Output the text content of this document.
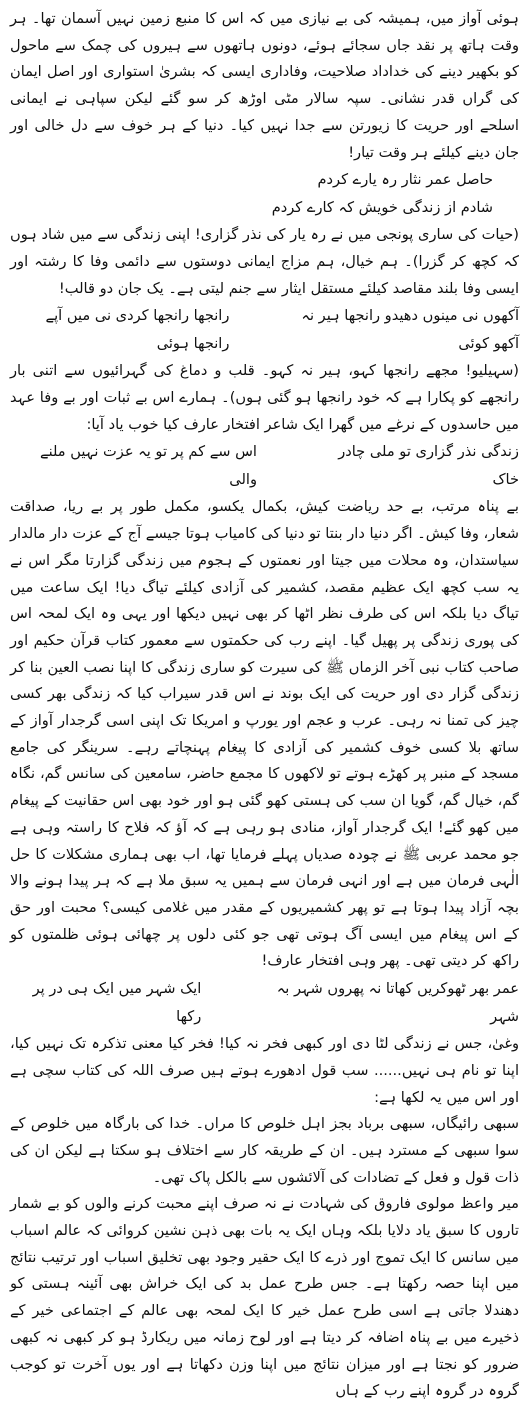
ہوئی آواز میں، ہمیشہ کی بے نیازی میں کہ اس کا منبع زمین نہیں آسمان تھا۔ ہر وقت ہاتھ پر نقد جاں سجائے ہوئے، دونوں ہاتھوں سے ہیروں کی چمک سے ماحول کو بکھیر دینے کی خداداد صلاحیت، وفاداری ایسی کہ بشریٰ استواری اور اصل ایمان کی گراں قدر نشانی۔ سپہ سالار مٹی اوڑھ کر سو گئے لیکن سپاہی نے ایمانی اسلحے اور حریت کا زیورتن سے جدا نہیں کیا۔ دنیا کے ہر خوف سے دل خالی اور جان دینے کیلئے ہر وقت تیار!

حاصل عمر نثار رہ یارے کردم

شادم از زندگی خویش کہ کارے کردم

(حیات کی ساری پونجی میں نے رہ یار کی نذر گزاری! اپنی زندگی سے میں شاد ہوں کہ کچھ کر گزرا)۔ ہم خیال، ہم مزاج ایمانی دوستوں سے دائمی وفا کا رشتہ اور ایسی وفا بلند مقاصد کیلئے مستقل ایثار سے جنم لیتی ہے۔ یک جان دو قالب!

آکھوں نی مینوں دھیدو رانجھا ہیر نہ آکھو کوئی
رانجھا رانجھا کردی نی میں آپے رانجھا ہوئی

(سہیلیو! مجھے رانجھا کہو، ہیر نہ کہو۔ قلب و دماغ کی گہرائیوں سے اتنی بار رانجھے کو پکارا ہے کہ خود رانجھا ہو گئی ہوں)۔ ہمارے اس بے ثبات اور بے وفا عہد میں حاسدوں کے نرغے میں گھرا ایک شاعر افتخار عارف کیا خوب یاد آیا:

زندگی نذر گزاری تو ملی چادر خاک
اس سے کم پر تو یہ عزت نہیں ملنے والی

بے پناہ مرتب، بے حد ریاضت کیش، بکمال یکسو، مکمل طور پر بے ریا، صداقت شعار، وفا کیش۔ اگر دنیا دار بنتا تو دنیا کی کامیاب ہوتا جیسے آج کے عزت دار مالدار سیاستدان، وہ محلات میں جیتا اور نعمتوں کے ہجوم میں زندگی گزارتا مگر اس نے یہ سب کچھ ایک عظیم مقصد، کشمیر کی آزادی کیلئے تیاگ دیا! ایک ساعت میں تیاگ دیا بلکہ اس کی طرف نظر اٹھا کر بھی نہیں دیکھا اور یہی وہ ایک لمحہ اس کی پوری زندگی پر پھیل گیا۔ اپنے رب کی حکمتوں سے معمور کتاب قرآن حکیم اور صاحب کتاب نبی آخر الزماں ﷺ کی سیرت کو ساری زندگی کا اپنا نصب العین بنا کر زندگی گزار دی اور حریت کی ایک بوند نے اس قدر سیراب کیا کہ زندگی بھر کسی چیز کی تمنا نہ رہی۔ عرب و عجم اور یورپ و امریکا تک اپنی اسی گرجدار آواز کے ساتھ بلا کسی خوف کشمیر کی آزادی کا پیغام پہنچاتے رہے۔ سرینگر کی جامع مسجد کے منبر پر کھڑے ہوتے تو لاکھوں کا مجمع حاضر، سامعین کی سانس گم، نگاہ گم، خیال گم، گویا ان سب کی ہستی کھو گئی ہو اور خود بھی اس حقانیت کے پیغام میں کھو گئے! ایک گرجدار آواز، منادی ہو رہی ہے کہ آؤ کہ فلاح کا راستہ وہی ہے جو محمد عربی ﷺ نے چودہ صدیاں پہلے فرمایا تھا، اب بھی ہماری مشکلات کا حل الٰہی فرمان میں ہے اور انہی فرمان سے ہمیں یہ سبق ملا ہے کہ ہر پیدا ہونے والا بچہ آزاد پیدا ہوتا ہے تو پھر کشمیریوں کے مقدر میں غلامی کیسی؟ محبت اور حق کے اس پیغام میں ایسی آگ ہوتی تھی جو کئی دلوں پر چھائی ہوئی ظلمتوں کو راکھ کر دیتی تھی۔ پھر وہی افتخار عارف!

عمر بھر ٹھوکریں کھاتا نہ پھروں شہر بہ شہر
ایک شہر میں ایک ہی در پر رکھا

وغیٰ، جس نے زندگی لٹا دی اور کبھی فخر نہ کیا! فخر کیا معنی تذکرہ تک نہیں کیا، اپنا تو نام ہی نہیں...... سب قول ادھورے ہوتے ہیں صرف اللہ کی کتاب سچی ہے اور اس میں یہ لکھا ہے:

سبھی رائیگاں، سبھی برباد بجز اہل خلوص کا مراں۔ خدا کی بارگاہ میں خلوص کے سوا سبھی کے مسترد ہیں۔ ان کے طریقہ کار سے اختلاف ہو سکتا ہے لیکن ان کی ذات قول و فعل کے تضادات کی آلائشوں سے بالکل پاک تھی۔

میر واعظ مولوی فاروق کی شہادت نے نہ صرف اپنے محبت کرنے والوں کو بے شمار تاروں کا سبق یاد دلایا بلکہ وہاں ایک یہ بات بھی ذہن نشین کروائی کہ عالم اسباب میں سانس کا ایک تموج اور ذرے کا ایک حقیر وجود بھی تخلیق اسباب اور ترتیب نتائج میں اپنا حصہ رکھتا ہے۔ جس طرح عمل بد کی ایک خراش بھی آئینہ ہستی کو دھندلا جاتی ہے اسی طرح عمل خیر کا ایک لمحہ بھی عالم کے اجتماعی خیر کے ذخیرے میں بے پناہ اضافہ کر دیتا ہے اور لوح زمانہ میں ریکارڈ ہو کر کبھی نہ کبھی ضرور کو نجتا ہے اور میزان نتائج میں اپنا وزن دکھاتا ہے اور یوں آخرت تو کوجب گروہ در گروہ اپنے رب کے ہاں
